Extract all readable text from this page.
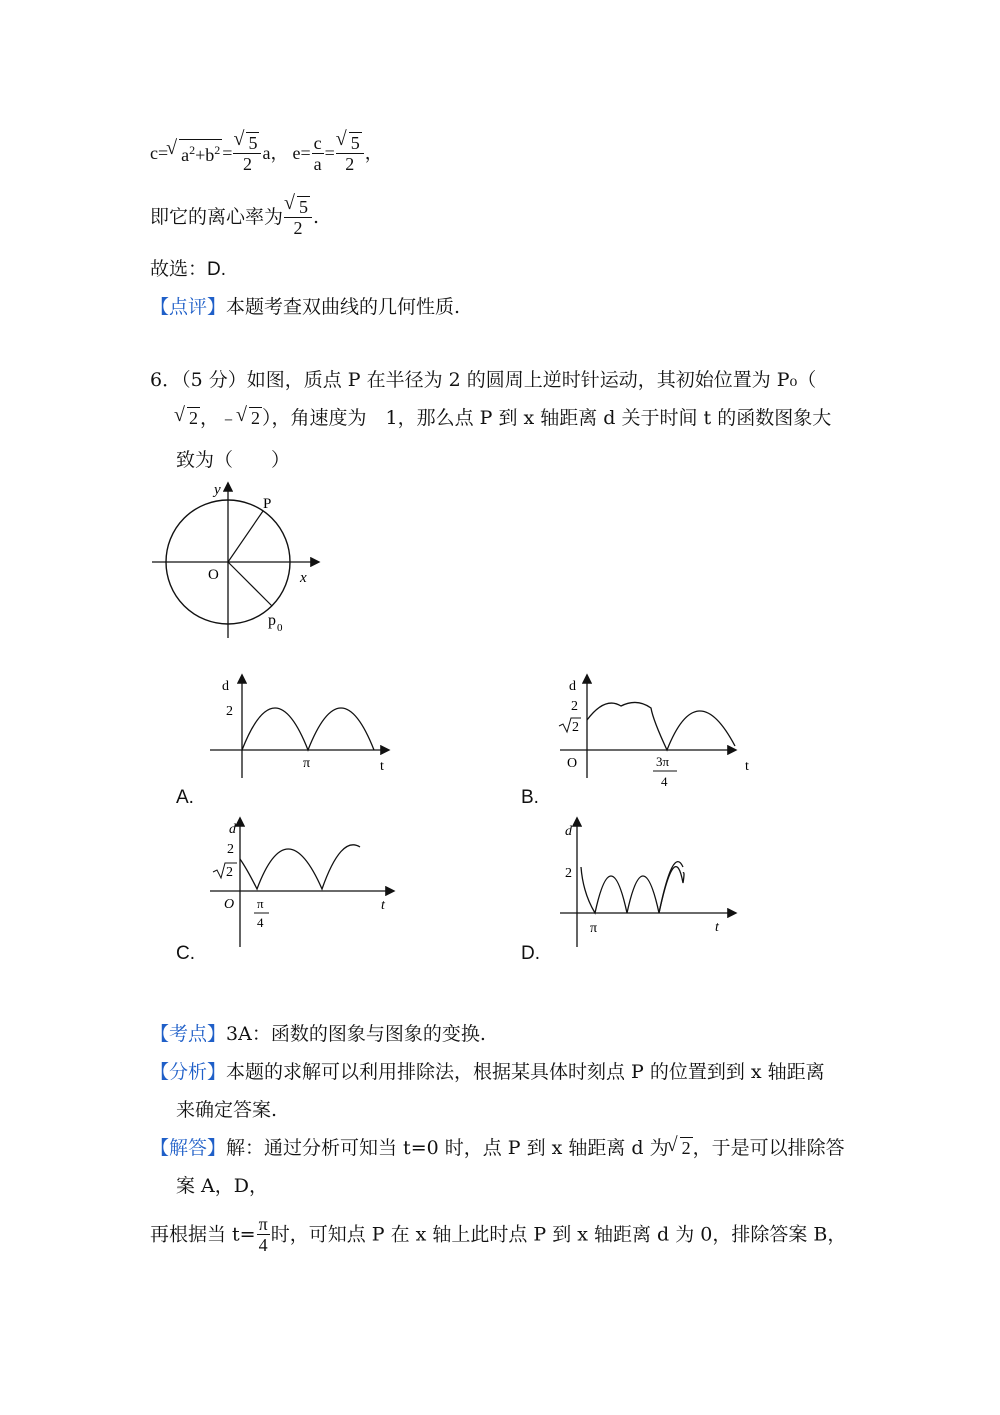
c= √ $a^2+b^2$ = √ $\frac{5}{2}$ a， $e= \frac{c}{a}$ = √ $\frac{5}{2}$ ，
即它的离心率为 √ $\frac{5}{2}$ .
故选：D.
【点评】本题考查双曲线的几何性质.
6．（5 分）如图，质点 P 在半径为 2 的圆周上逆时针运动，其初始位置为 P₀（
√ 2 ，﹣ √ 2 ），角速度为　1，那么点 P 到 x 轴距离 d 关于时间 t 的函数图象大
致为（　　）
y
x
O
P
p 0
d
2
π	t
A.
d
2
2
O	3π
4
t
B.
d
2
2
O π
4
t
C.
d
2
π	t
D.
【考点】3A：函数的图象与图象的变换.
【分析】本题的求解可以利用排除法，根据某具体时刻点 P 的位置到到 x 轴距离
来确定答案.
【解答】解：通过分析可知当 t=0 时，点 P 到 x 轴距离 d 为 √ 2 ，于是可以排除答
案 A，D，
再根据当 $t= \frac{\pi}{4}$ 时，可知点 P 在 x 轴上此时点 P 到 x 轴距离 d 为 0，排除答案 B，
